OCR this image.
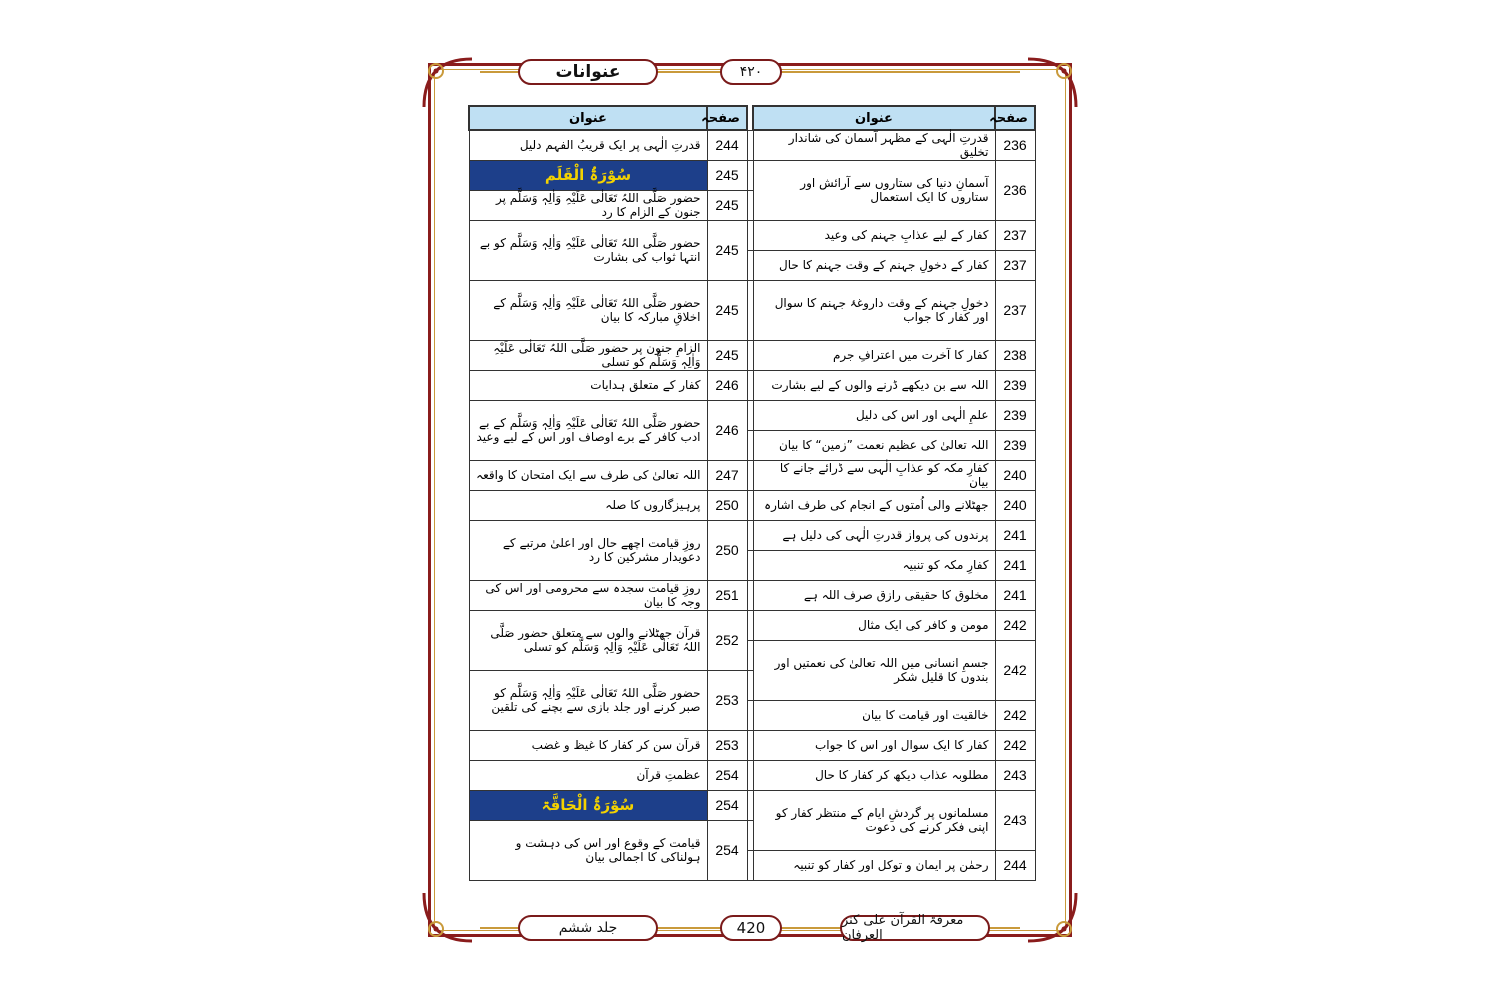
عنوانات	۴۲۰
صفحہ	عنوان		صفحہ	عنوان
236	قدرتِ الٰہی کے مظہر آسمان کی شاندار تخلیق		244	قدرتِ الٰہی پر ایک قریبُ الفہم دلیل
236	آسمانِ دنیا کی ستاروں سے آرائش اور ستاروں کا ایک استعمال		245	سُوْرَۃُ الْقَلَم
			245	حضور صَلَّی اللہُ تَعَالٰی عَلَیْہِ وَاٰلِہٖ وَسَلَّم پر جنون کے الزام کا رد
237	کفار کے لیے عذابِ جہنم کی وعید		245	حضور صَلَّی اللہُ تَعَالٰی عَلَیْہِ وَاٰلِہٖ وَسَلَّم کو بے انتہا ثواب کی بشارت
237	کفار کے دخولِ جہنم کے وقت جہنم کا حال			
237	دخولِ جہنم کے وقت داروغۂ جہنم کا سوال اور کفار کا جواب		245	حضور صَلَّی اللہُ تَعَالٰی عَلَیْہِ وَاٰلِہٖ وَسَلَّم کے اخلاقِ مبارکہ کا بیان
238	کفار کا آخرت میں اعترافِ جرم		245	الزامِ جنون پر حضور صَلَّی اللہُ تَعَالٰی عَلَیْہِ وَاٰلِہٖ وَسَلَّم کو تسلی
239	اللہ سے بن دیکھے ڈرنے والوں کے لیے بشارت		246	کفار کے متعلق ہدایات
239	علمِ الٰہی اور اس کی دلیل		246	حضور صَلَّی اللہُ تَعَالٰی عَلَیْہِ وَاٰلِہٖ وَسَلَّم کے بے ادب کافر کے برے اوصاف اور اس کے لیے وعید
239	اللہ تعالیٰ کی عظیم نعمت ”زمین“ کا بیان			
240	کفارِ مکہ کو عذابِ الٰہی سے ڈرائے جانے کا بیان		247	اللہ تعالیٰ کی طرف سے ایک امتحان کا واقعہ
240	جھٹلانے والی اُمتوں کے انجام کی طرف اشارہ		250	پرہیزگاروں کا صلہ
241	پرندوں کی پرواز قدرتِ الٰہی کی دلیل ہے		250	روزِ قیامت اچھے حال اور اعلیٰ مرتبے کے دعویدار مشرکین کا رد
241	کفارِ مکہ کو تنبیہ			
241	مخلوق کا حقیقی رازق صرف اللہ ہے		251	روزِ قیامت سجدہ سے محرومی اور اس کی وجہ کا بیان
242	مومن و کافر کی ایک مثال		252	قرآن جھٹلانے والوں سے متعلق حضور صَلَّی اللہُ تَعَالٰی عَلَیْہِ وَاٰلِہٖ وَسَلَّم کو تسلی
242	جسمِ انسانی میں اللہ تعالیٰ کی نعمتیں اور بندوں کا قلیل شکر			
			253	حضور صَلَّی اللہُ تَعَالٰی عَلَیْہِ وَاٰلِہٖ وَسَلَّم کو صبر کرنے اور جلد بازی سے بچنے کی تلقین
242	خالقیت اور قیامت کا بیان			
242	کفار کا ایک سوال اور اس کا جواب		253	قرآن سن کر کفار کا غیظ و غضب
243	مطلوبہ عذاب دیکھ کر کفار کا حال		254	عظمتِ قرآن
243	مسلمانوں پر گردشِ ایام کے منتظر کفار کو اپنی فکر کرنے کی دعوت		254	سُوْرَۃُ الْحَاقَّۃ
			254	قیامت کے وقوع اور اس کی دہشت و ہولناکی کا اجمالی بیان
244	رحمٰن پر ایمان و توکل اور کفار کو تنبیہ			
جلد ششم	420	معرفۃ القرآن علی کنز العرفان
